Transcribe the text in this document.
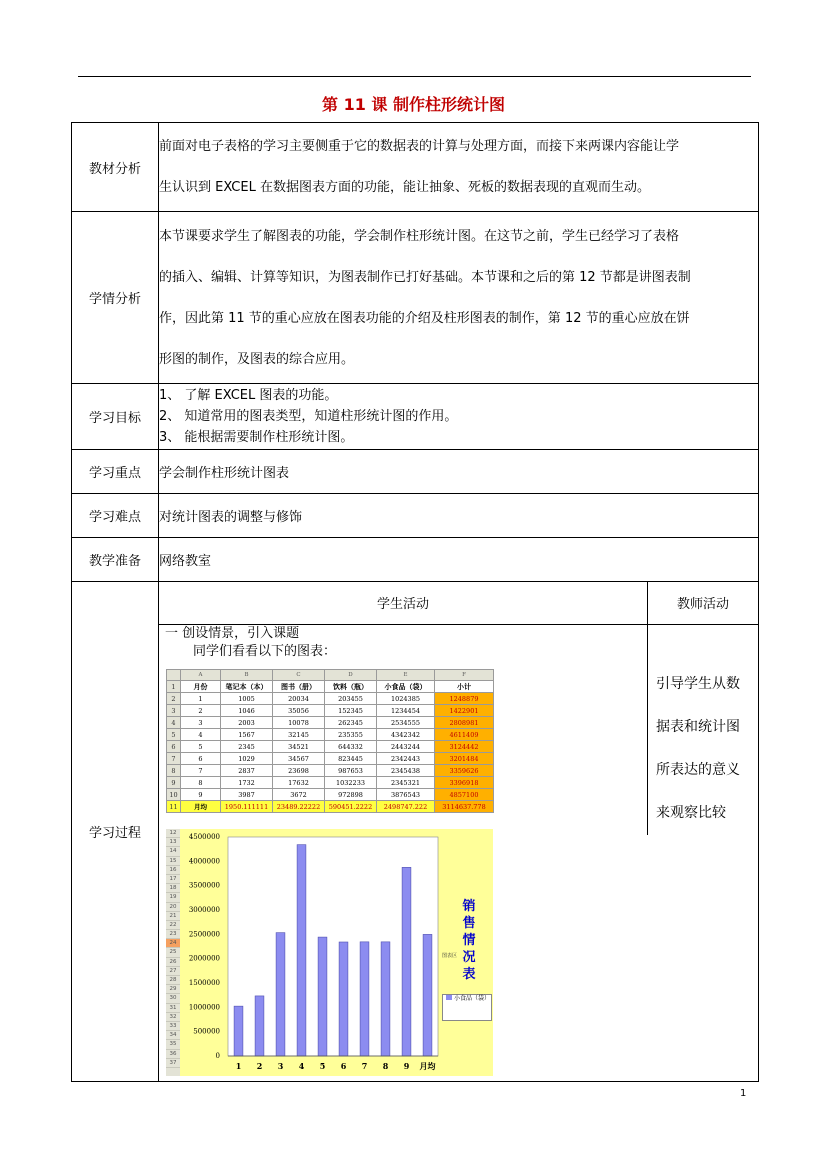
第 11 课 制作柱形统计图
教材分析	
前面对电子表格的学习主要侧重于它的数据表的计算与处理方面，而接下来两课内容能让学
生认识到 EXCEL 在数据图表方面的功能，能让抽象、死板的数据表现的直观而生动。

学情分析	
本节课要求学生了解图表的功能，学会制作柱形统计图。在这节之前，学生已经学习了表格
的插入、编辑、计算等知识，为图表制作已打好基础。本节课和之后的第 12 节都是讲图表制
作，因此第 11 节的重心应放在图表功能的介绍及柱形图表的制作，第 12 节的重心应放在饼
形图的制作，及图表的综合应用。

学习目标	
1、 了解 EXCEL 图表的功能。
2、 知道常用的图表类型，知道柱形统计图的作用。
3、 能根据需要制作柱形统计图。

学习重点	学会制作柱形统计图表
学习难点	对统计图表的调整与修饰
教学准备	网络教室
学习过程	
学生活动	教师活动

一 创设情景，引入课题
同学们看看以下的图表：

引导学生从数
据表和统计图
所表达的意义
来观察比较
	A	B	C	D	E	F
1	月份	笔记本（本）	图书（册）	饮料（瓶）	小食品（袋）	小计
2	1	1005	20034	203455	1024385	1248879
3	2	1046	35056	152345	1234454	1422901
4	3	2003	10078	262345	2534555	2808981
5	4	1567	32145	235355	4342342	4611409
6	5	2345	34521	644332	2443244	3124442
7	6	1029	34567	823445	2342443	3201484
8	7	2837	23698	987653	2345438	3359626
9	8	1732	17632	1032233	2345321	3396918
10	9	3987	3672	972898	3876543	4857100
11	月均	1950.111111	23489.22222	590451.2222	2498747.222	3114637.778
12
13
14
15
16
17
18
19
20
21
22
23
24
25
26
27
28
29
30
31
32
33
34
35
36
37
0
500000
1000000
1500000
2000000
2500000
3000000
3500000
4000000
4500000
1 2 3 4 5 6 7 8 9 月均
销
售
情
况
表
图表区
小食品（袋）
1
